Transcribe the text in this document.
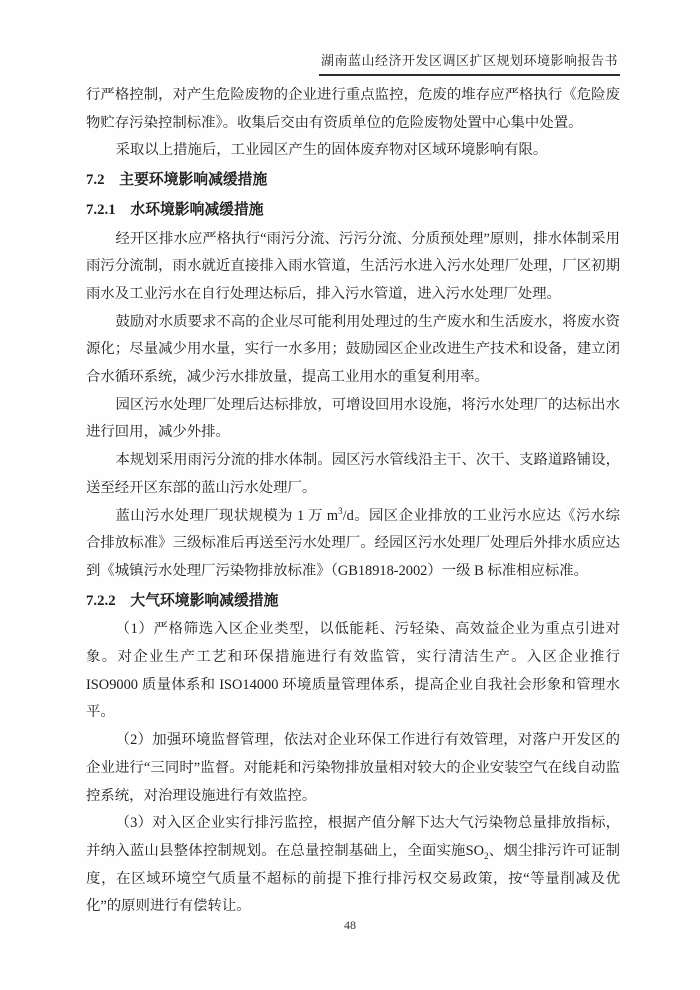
湖南蓝山经济开发区调区扩区规划环境影响报告书

行严格控制，对产生危险废物的企业进行重点监控，危废的堆存应严格执行《危险废物贮存污染控制标准》。收集后交由有资质单位的危险废物处置中心集中处置。

采取以上措施后，工业园区产生的固体废弃物对区域环境影响有限。

7.2　主要环境影响减缓措施
7.2.1　水环境影响减缓措施

经开区排水应严格执行“雨污分流、污污分流、分质预处理”原则，排水体制采用雨污分流制，雨水就近直接排入雨水管道，生活污水进入污水处理厂处理，厂区初期雨水及工业污水在自行处理达标后，排入污水管道，进入污水处理厂处理。

鼓励对水质要求不高的企业尽可能利用处理过的生产废水和生活废水，将废水资源化；尽量减少用水量，实行一水多用；鼓励园区企业改进生产技术和设备，建立闭合水循环系统，减少污水排放量，提高工业用水的重复利用率。

园区污水处理厂处理后达标排放，可增设回用水设施，将污水处理厂的达标出水进行回用，减少外排。

本规划采用雨污分流的排水体制。园区污水管线沿主干、次干、支路道路铺设，送至经开区东部的蓝山污水处理厂。

蓝山污水处理厂现状规模为 1 万 $m^3/d$。园区企业排放的工业污水应达《污水综合排放标准》三级标准后再送至污水处理厂。经园区污水处理厂处理后外排水质应达到《城镇污水处理厂污染物排放标准》（GB18918-2002）一级 B 标准相应标准。

7.2.2　大气环境影响减缓措施

（1）严格筛选入区企业类型，以低能耗、污轻染、高效益企业为重点引进对象。对企业生产工艺和环保措施进行有效监管，实行清洁生产。入区企业推行 ISO9000 质量体系和 ISO14000 环境质量管理体系，提高企业自我社会形象和管理水平。

（2）加强环境监督管理，依法对企业环保工作进行有效管理，对落户开发区的企业进行“三同时”监督。对能耗和污染物排放量相对较大的企业安装空气在线自动监控系统，对治理设施进行有效监控。

（3）对入区企业实行排污监控，根据产值分解下达大气污染物总量排放指标，并纳入蓝山县整体控制规划。在总量控制基础上，全面实施$SO_2$、烟尘排污许可证制度，在区域环境空气质量不超标的前提下推行排污权交易政策，按“等量削减及优化”的原则进行有偿转让。

48
